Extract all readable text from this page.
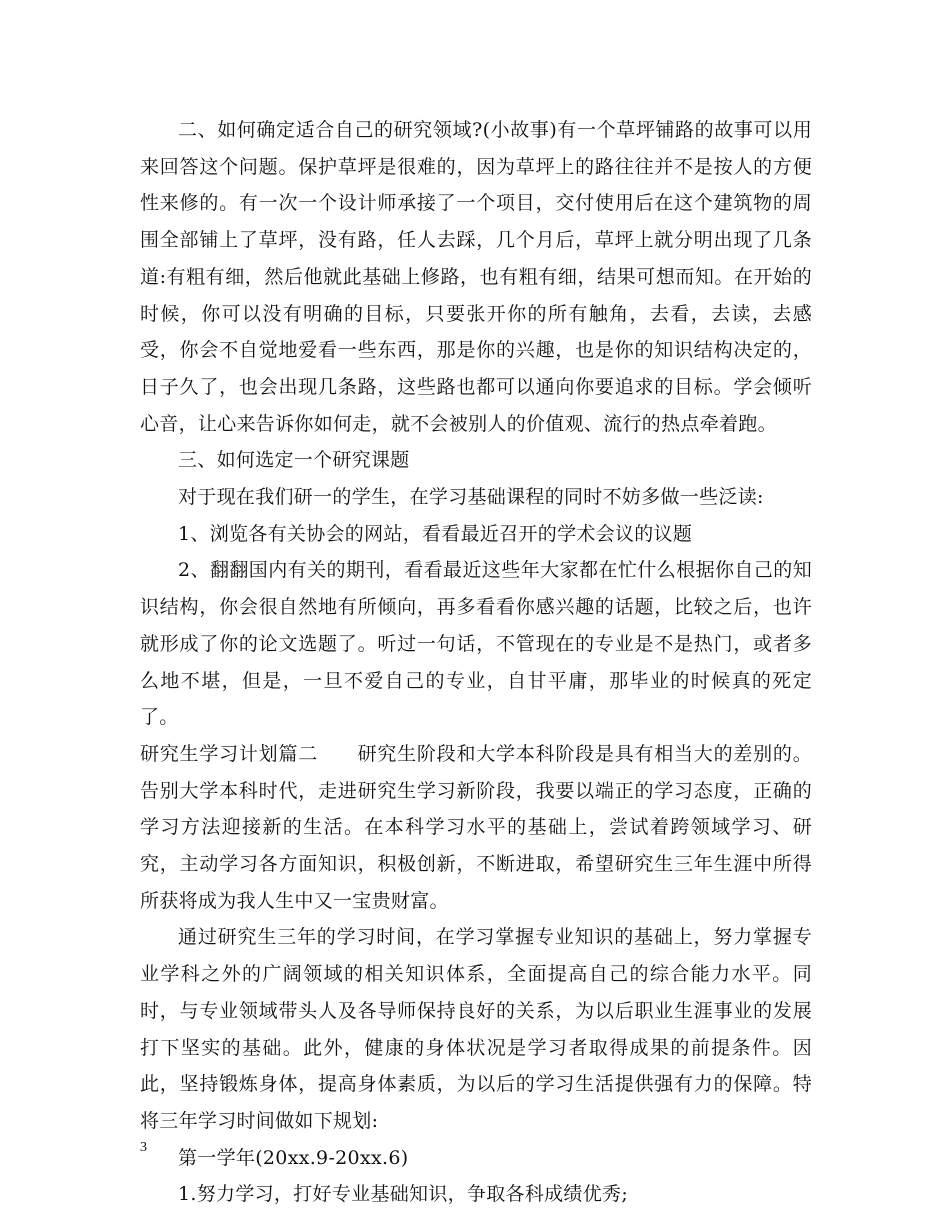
二、如何确定适合自己的研究领域?(小故事)有一个草坪铺路的故事可以用来回答这个问题。保护草坪是很难的，因为草坪上的路往往并不是按人的方便性来修的。有一次一个设计师承接了一个项目，交付使用后在这个建筑物的周围全部铺上了草坪，没有路，任人去踩，几个月后，草坪上就分明出现了几条道:有粗有细，然后他就此基础上修路，也有粗有细，结果可想而知。在开始的时候，你可以没有明确的目标，只要张开你的所有触角，去看，去读，去感受，你会不自觉地爱看一些东西，那是你的兴趣，也是你的知识结构决定的，日子久了，也会出现几条路，这些路也都可以通向你要追求的目标。学会倾听心音，让心来告诉你如何走，就不会被别人的价值观、流行的热点牵着跑。

三、如何选定一个研究课题

对于现在我们研一的学生，在学习基础课程的同时不妨多做一些泛读:

1、浏览各有关协会的网站，看看最近召开的学术会议的议题

2、翻翻国内有关的期刊，看看最近这些年大家都在忙什么根据你自己的知识结构，你会很自然地有所倾向，再多看看你感兴趣的话题，比较之后，也许就形成了你的论文选题了。听过一句话，不管现在的专业是不是热门，或者多么地不堪，但是，一旦不爱自己的专业，自甘平庸，那毕业的时候真的死定了。

研究生学习计划篇二　　研究生阶段和大学本科阶段是具有相当大的差别的。告别大学本科时代，走进研究生学习新阶段，我要以端正的学习态度，正确的学习方法迎接新的生活。在本科学习水平的基础上，尝试着跨领域学习、研究，主动学习各方面知识，积极创新，不断进取，希望研究生三年生涯中所得所获将成为我人生中又一宝贵财富。

通过研究生三年的学习时间，在学习掌握专业知识的基础上，努力掌握专业学科之外的广阔领域的相关知识体系，全面提高自己的综合能力水平。同时，与专业领域带头人及各导师保持良好的关系，为以后职业生涯事业的发展打下坚实的基础。此外，健康的身体状况是学习者取得成果的前提条件。因此，坚持锻炼身体，提高身体素质，为以后的学习生活提供强有力的保障。特将三年学习时间做如下规划:

第一学年(20xx.9-20xx.6)

1.努力学习，打好专业基础知识，争取各科成绩优秀;

3
